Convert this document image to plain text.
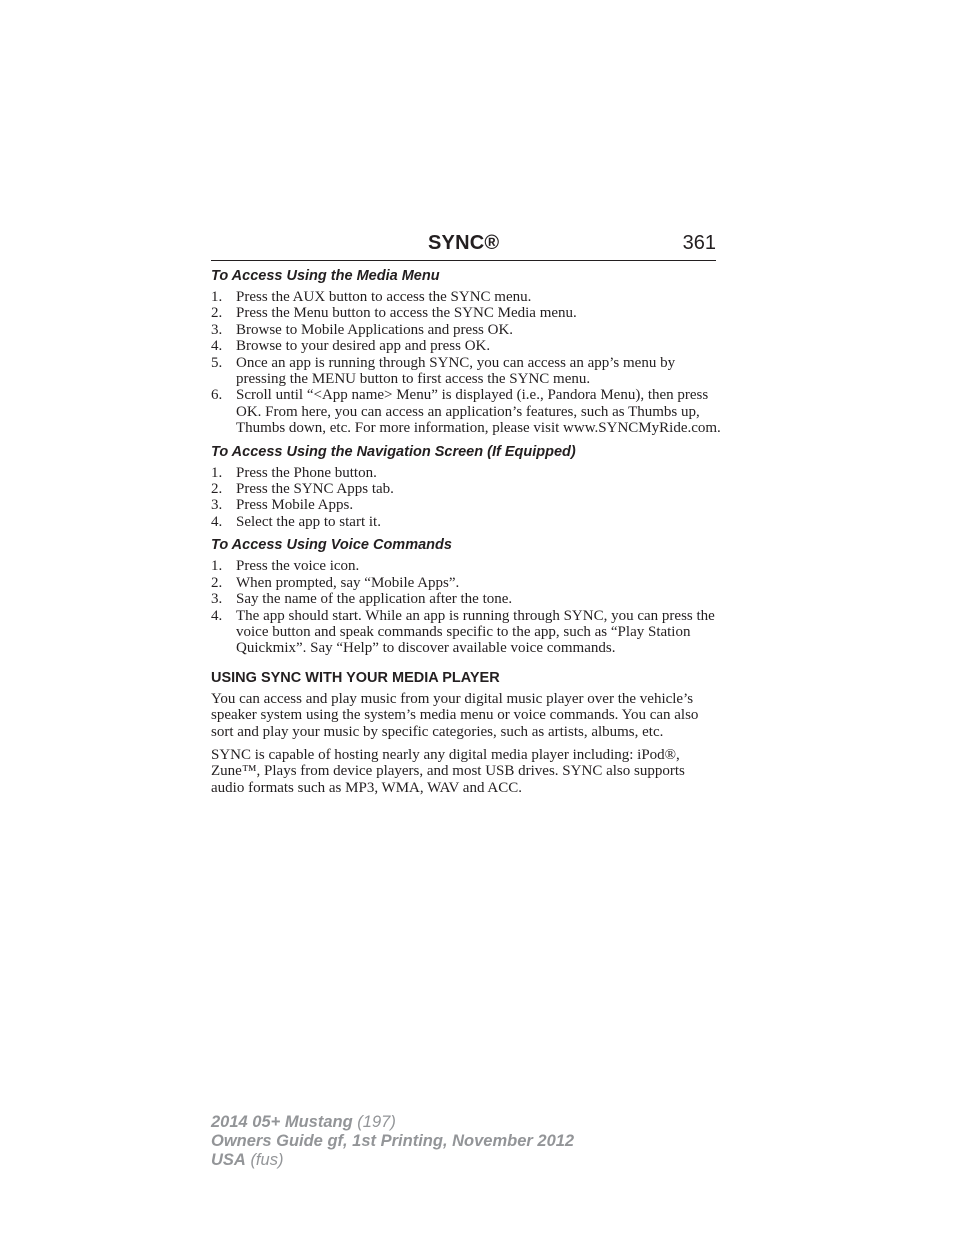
SYNC®	361
To Access Using the Media Menu
1. Press the AUX button to access the SYNC menu.
2. Press the Menu button to access the SYNC Media menu.
3. Browse to Mobile Applications and press OK.
4. Browse to your desired app and press OK.
5. Once an app is running through SYNC, you can access an app’s menu by pressing the MENU button to first access the SYNC menu.
6. Scroll until “<App name> Menu” is displayed (i.e., Pandora Menu), then press OK. From here, you can access an application’s features, such as Thumbs up, Thumbs down, etc. For more information, please visit www.SYNCMyRide.com.
To Access Using the Navigation Screen (If Equipped)
1. Press the Phone button.
2. Press the SYNC Apps tab.
3. Press Mobile Apps.
4. Select the app to start it.
To Access Using Voice Commands
1. Press the voice icon.
2. When prompted, say “Mobile Apps”.
3. Say the name of the application after the tone.
4. The app should start. While an app is running through SYNC, you can press the voice button and speak commands specific to the app, such as “Play Station Quickmix”. Say “Help” to discover available voice commands.
USING SYNC WITH YOUR MEDIA PLAYER

You can access and play music from your digital music player over the vehicle’s speaker system using the system’s media menu or voice commands. You can also sort and play your music by specific categories, such as artists, albums, etc.

SYNC is capable of hosting nearly any digital media player including: iPod®, Zune™, Plays from device players, and most USB drives. SYNC also supports audio formats such as MP3, WMA, WAV and ACC.

2014 05+ Mustang (197)
Owners Guide gf, 1st Printing, November 2012
USA (fus)
